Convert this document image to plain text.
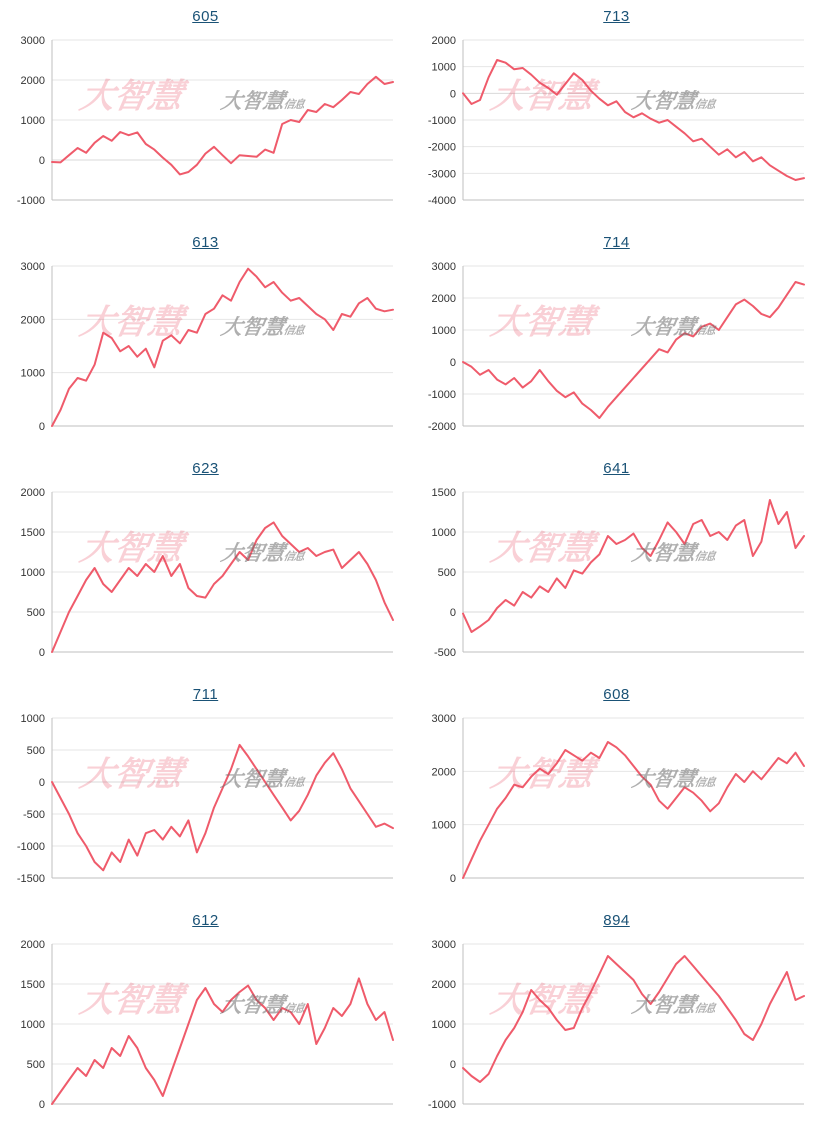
605
-1000
0
1000
2000
3000
大智慧 大智慧信息
713
-4000
-3000
-2000
-1000
0
1000
2000
大智慧 大智慧信息
613
0
1000
2000
3000
大智慧 大智慧信息
714
-2000
-1000
0
1000
2000
3000
大智慧 大智慧信息
623
0
500
1000
1500
2000
大智慧 大智慧信息
641
-500
0
500
1000
1500
大智慧 大智慧信息
711
-1500
-1000
-500
0
500
1000
大智慧 大智慧信息
608
0
1000
2000
3000
大智慧 大智慧信息
612
0
500
1000
1500
2000
大智慧 大智慧信息
894
-1000
0
1000
2000
3000
大智慧 大智慧信息
